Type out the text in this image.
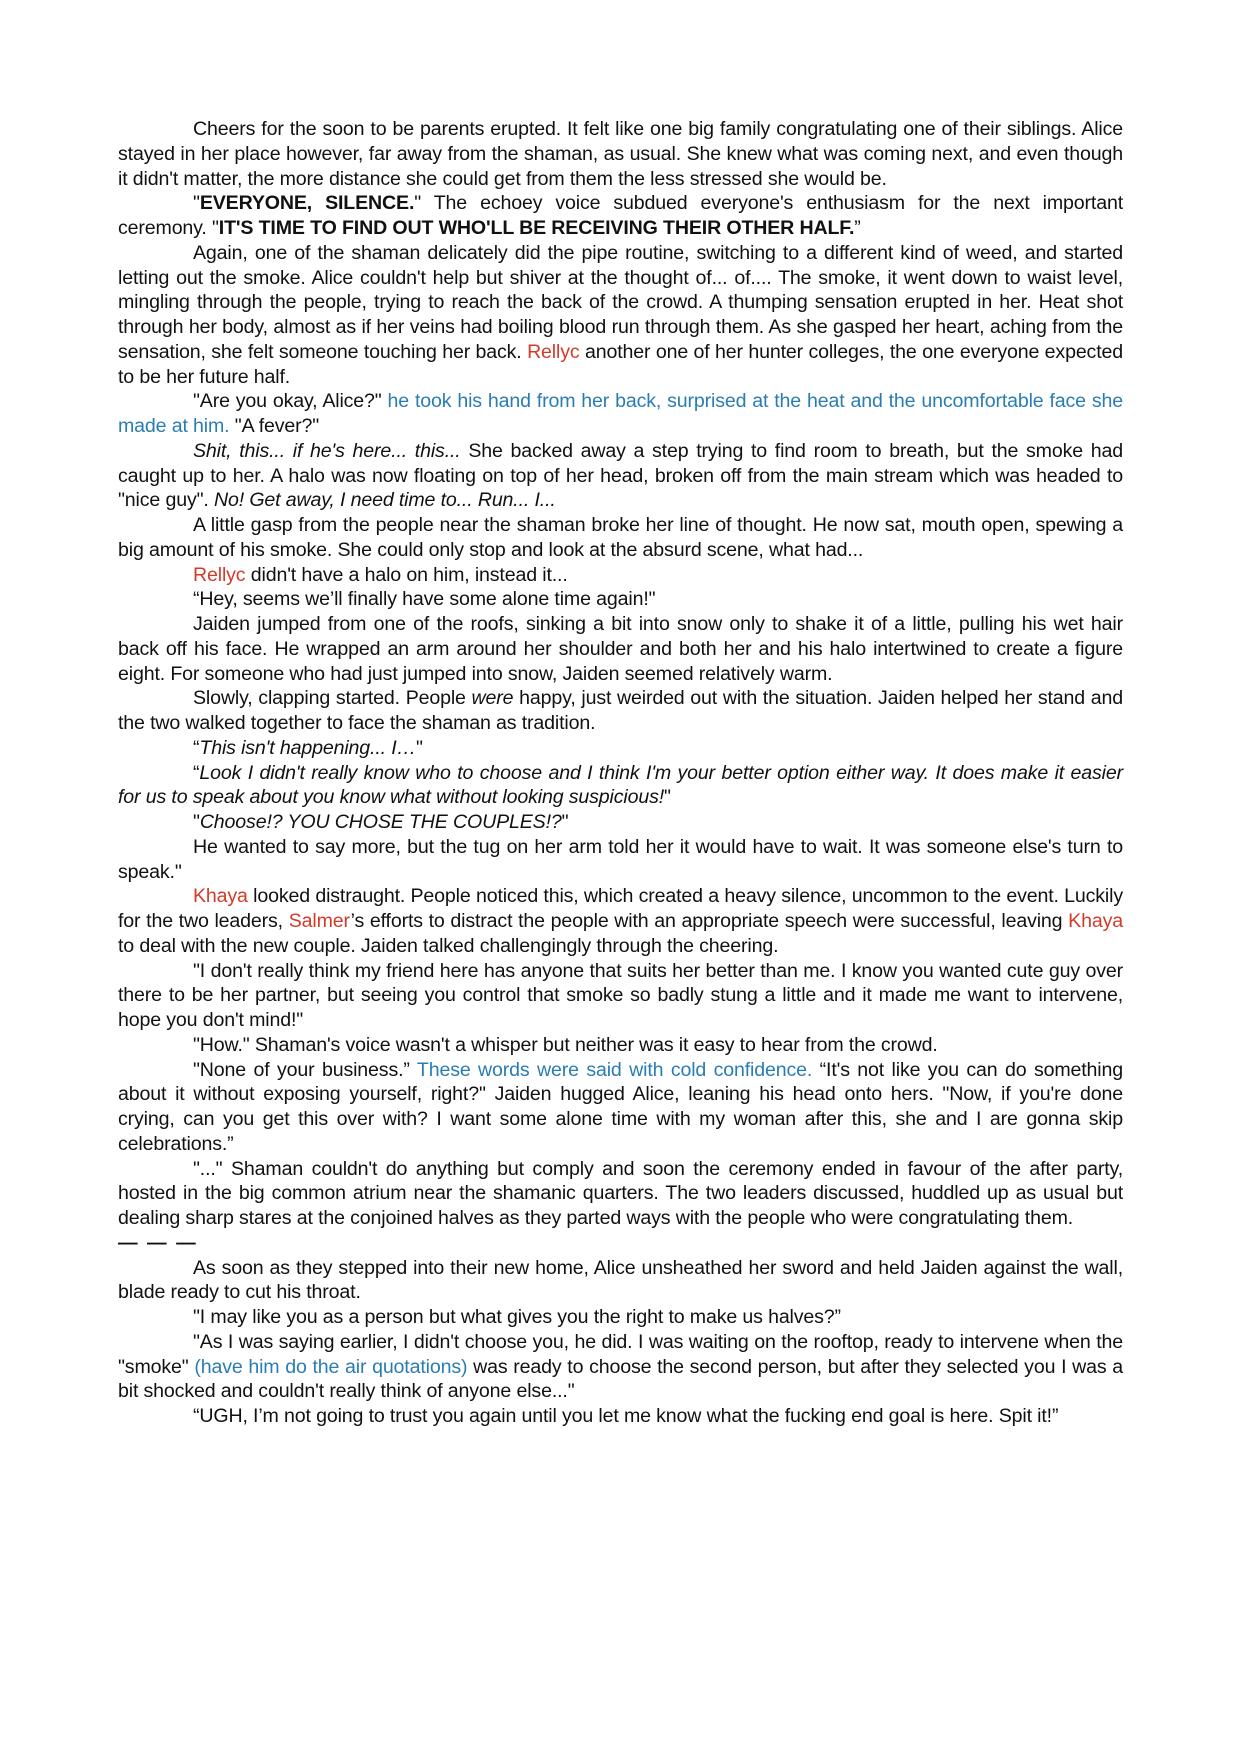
Cheers for the soon to be parents erupted. It felt like one big family congratulating one of their siblings. Alice stayed in her place however, far away from the shaman, as usual. She knew what was coming next, and even though it didn't matter, the more distance she could get from them the less stressed she would be.

"EVERYONE, SILENCE." The echoey voice subdued everyone's enthusiasm for the next important ceremony. "IT'S TIME TO FIND OUT WHO'LL BE RECEIVING THEIR OTHER HALF.”

Again, one of the shaman delicately did the pipe routine, switching to a different kind of weed, and started letting out the smoke. Alice couldn't help but shiver at the thought of... of.... The smoke, it went down to waist level, mingling through the people, trying to reach the back of the crowd. A thumping sensation erupted in her. Heat shot through her body, almost as if her veins had boiling blood run through them. As she gasped her heart, aching from the sensation, she felt someone touching her back. Rellyc another one of her hunter colleges, the one everyone expected to be her future half.

"Are you okay, Alice?" he took his hand from her back, surprised at the heat and the uncomfortable face she made at him. "A fever?"

Shit, this... if he's here... this... She backed away a step trying to find room to breath, but the smoke had caught up to her. A halo was now floating on top of her head, broken off from the main stream which was headed to "nice guy". No! Get away, I need time to... Run... I...

A little gasp from the people near the shaman broke her line of thought. He now sat, mouth open, spewing a big amount of his smoke. She could only stop and look at the absurd scene, what had...

Rellyc didn't have a halo on him, instead it...

“Hey, seems we’ll finally have some alone time again!"

Jaiden jumped from one of the roofs, sinking a bit into snow only to shake it of a little, pulling his wet hair back off his face. He wrapped an arm around her shoulder and both her and his halo intertwined to create a figure eight. For someone who had just jumped into snow, Jaiden seemed relatively warm.

Slowly, clapping started. People were happy, just weirded out with the situation. Jaiden helped her stand and the two walked together to face the shaman as tradition.

“This isn't happening... I…"

“Look I didn't really know who to choose and I think I'm your better option either way. It does make it easier for us to speak about you know what without looking suspicious!"

"Choose!? YOU CHOSE THE COUPLES!?"

He wanted to say more, but the tug on her arm told her it would have to wait. It was someone else's turn to speak."

Khaya looked distraught. People noticed this, which created a heavy silence, uncommon to the event. Luckily for the two leaders, Salmer’s efforts to distract the people with an appropriate speech were successful, leaving Khaya to deal with the new couple. Jaiden talked challengingly through the cheering.

"I don't really think my friend here has anyone that suits her better than me. I know you wanted cute guy over there to be her partner, but seeing you control that smoke so badly stung a little and it made me want to intervene, hope you don't mind!"

"How." Shaman's voice wasn't a whisper but neither was it easy to hear from the crowd.

"None of your business.” These words were said with cold confidence. “It's not like you can do something about it without exposing yourself, right?" Jaiden hugged Alice, leaning his head onto hers. "Now, if you're done crying, can you get this over with? I want some alone time with my woman after this, she and I are gonna skip celebrations.”

"..." Shaman couldn't do anything but comply and soon the ceremony ended in favour of the after party, hosted in the big common atrium near the shamanic quarters. The two leaders discussed, huddled up as usual but dealing sharp stares at the conjoined halves as they parted ways with the people who were congratulating them.

— — —

As soon as they stepped into their new home, Alice unsheathed her sword and held Jaiden against the wall, blade ready to cut his throat.

"I may like you as a person but what gives you the right to make us halves?”

"As I was saying earlier, I didn't choose you, he did. I was waiting on the rooftop, ready to intervene when the "smoke" (have him do the air quotations) was ready to choose the second person, but after they selected you I was a bit shocked and couldn't really think of anyone else..."

“UGH, I’m not going to trust you again until you let me know what the fucking end goal is here. Spit it!”
